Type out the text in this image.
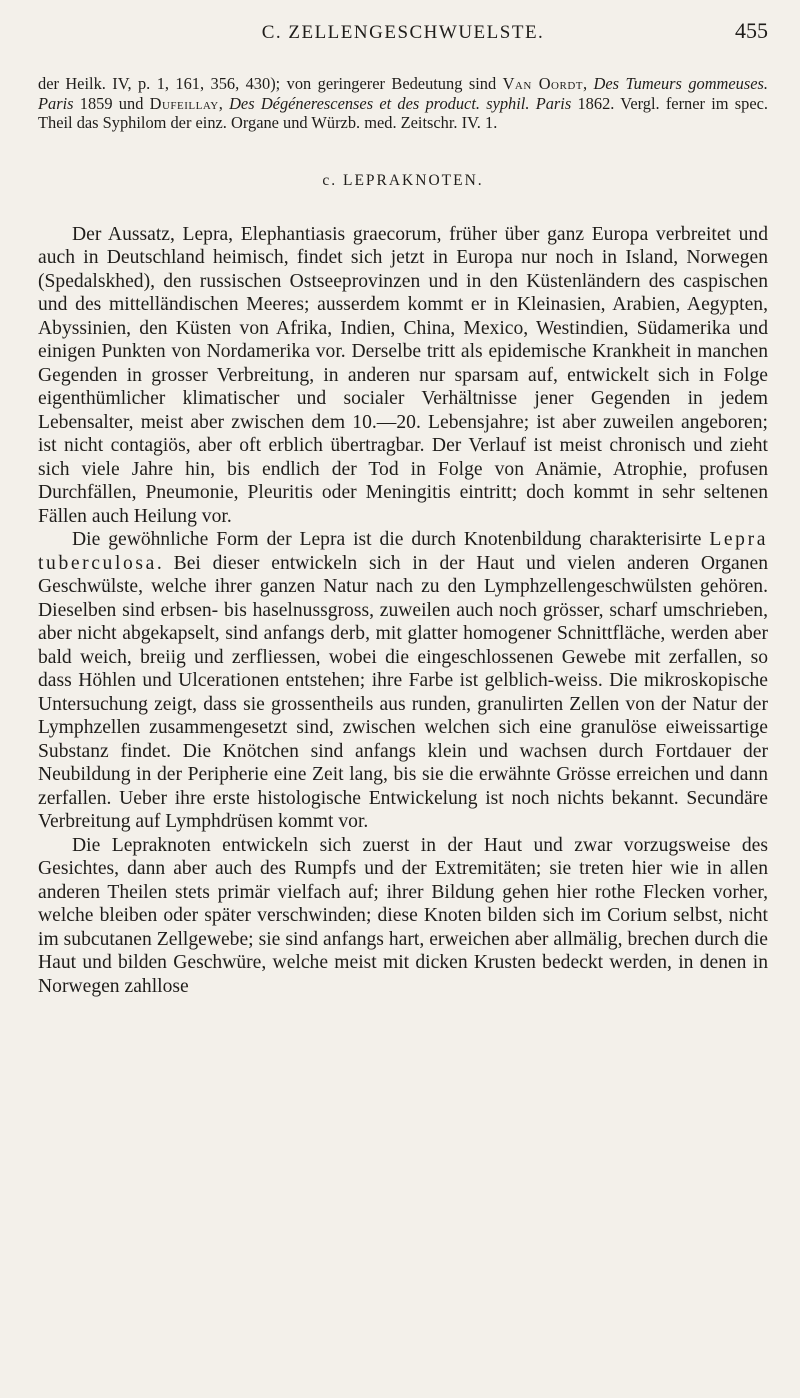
C. ZELLENGESCHWUELSTE.	455
der Heilk. IV, p. 1, 161, 356, 430); von geringerer Bedeutung sind Van Oordt, Des Tumeurs gommeuses. Paris 1859 und Dufeillay, Des Dégénerescenses et des product. syphil. Paris 1862. Vergl. ferner im spec. Theil das Syphilom der einz. Organe und Würzb. med. Zeitschr. IV. 1.
c. LEPRAKNOTEN.

Der Aussatz, Lepra, Elephantiasis graecorum, früher über ganz Europa verbreitet und auch in Deutschland heimisch, findet sich jetzt in Europa nur noch in Island, Norwegen (Spedalskhed), den russischen Ostseeprovinzen und in den Küstenländern des caspischen und des mittelländischen Meeres; ausserdem kommt er in Kleinasien, Arabien, Aegypten, Abyssinien, den Küsten von Afrika, Indien, China, Mexico, Westindien, Südamerika und einigen Punkten von Nordamerika vor. Derselbe tritt als epidemische Krankheit in manchen Gegenden in grosser Verbreitung, in anderen nur sparsam auf, entwickelt sich in Folge eigenthümlicher klimatischer und socialer Verhältnisse jener Gegenden in jedem Lebensalter, meist aber zwischen dem 10.—20. Lebensjahre; ist aber zuweilen angeboren; ist nicht contagiös, aber oft erblich übertragbar. Der Verlauf ist meist chronisch und zieht sich viele Jahre hin, bis endlich der Tod in Folge von Anämie, Atrophie, profusen Durchfällen, Pneumonie, Pleuritis oder Meningitis eintritt; doch kommt in sehr seltenen Fällen auch Heilung vor.

Die gewöhnliche Form der Lepra ist die durch Knotenbildung charakterisirte Lepra tuberculosa. Bei dieser entwickeln sich in der Haut und vielen anderen Organen Geschwülste, welche ihrer ganzen Natur nach zu den Lymphzellengeschwülsten gehören. Dieselben sind erbsen- bis haselnussgross, zuweilen auch noch grösser, scharf umschrieben, aber nicht abgekapselt, sind anfangs derb, mit glatter homogener Schnittfläche, werden aber bald weich, breiig und zerfliessen, wobei die eingeschlossenen Gewebe mit zerfallen, so dass Höhlen und Ulcerationen entstehen; ihre Farbe ist gelblich-weiss. Die mikroskopische Untersuchung zeigt, dass sie grossentheils aus runden, granulirten Zellen von der Natur der Lymphzellen zusammengesetzt sind, zwischen welchen sich eine granulöse eiweissartige Substanz findet. Die Knötchen sind anfangs klein und wachsen durch Fortdauer der Neubildung in der Peripherie eine Zeit lang, bis sie die erwähnte Grösse erreichen und dann zerfallen. Ueber ihre erste histologische Entwickelung ist noch nichts bekannt. Secundäre Verbreitung auf Lymphdrüsen kommt vor.

Die Lepraknoten entwickeln sich zuerst in der Haut und zwar vorzugsweise des Gesichtes, dann aber auch des Rumpfs und der Extremitäten; sie treten hier wie in allen anderen Theilen stets primär vielfach auf; ihrer Bildung gehen hier rothe Flecken vorher, welche bleiben oder später verschwinden; diese Knoten bilden sich im Corium selbst, nicht im subcutanen Zellgewebe; sie sind anfangs hart, erweichen aber allmälig, brechen durch die Haut und bilden Geschwüre, welche meist mit dicken Krusten bedeckt werden, in denen in Norwegen zahllose
